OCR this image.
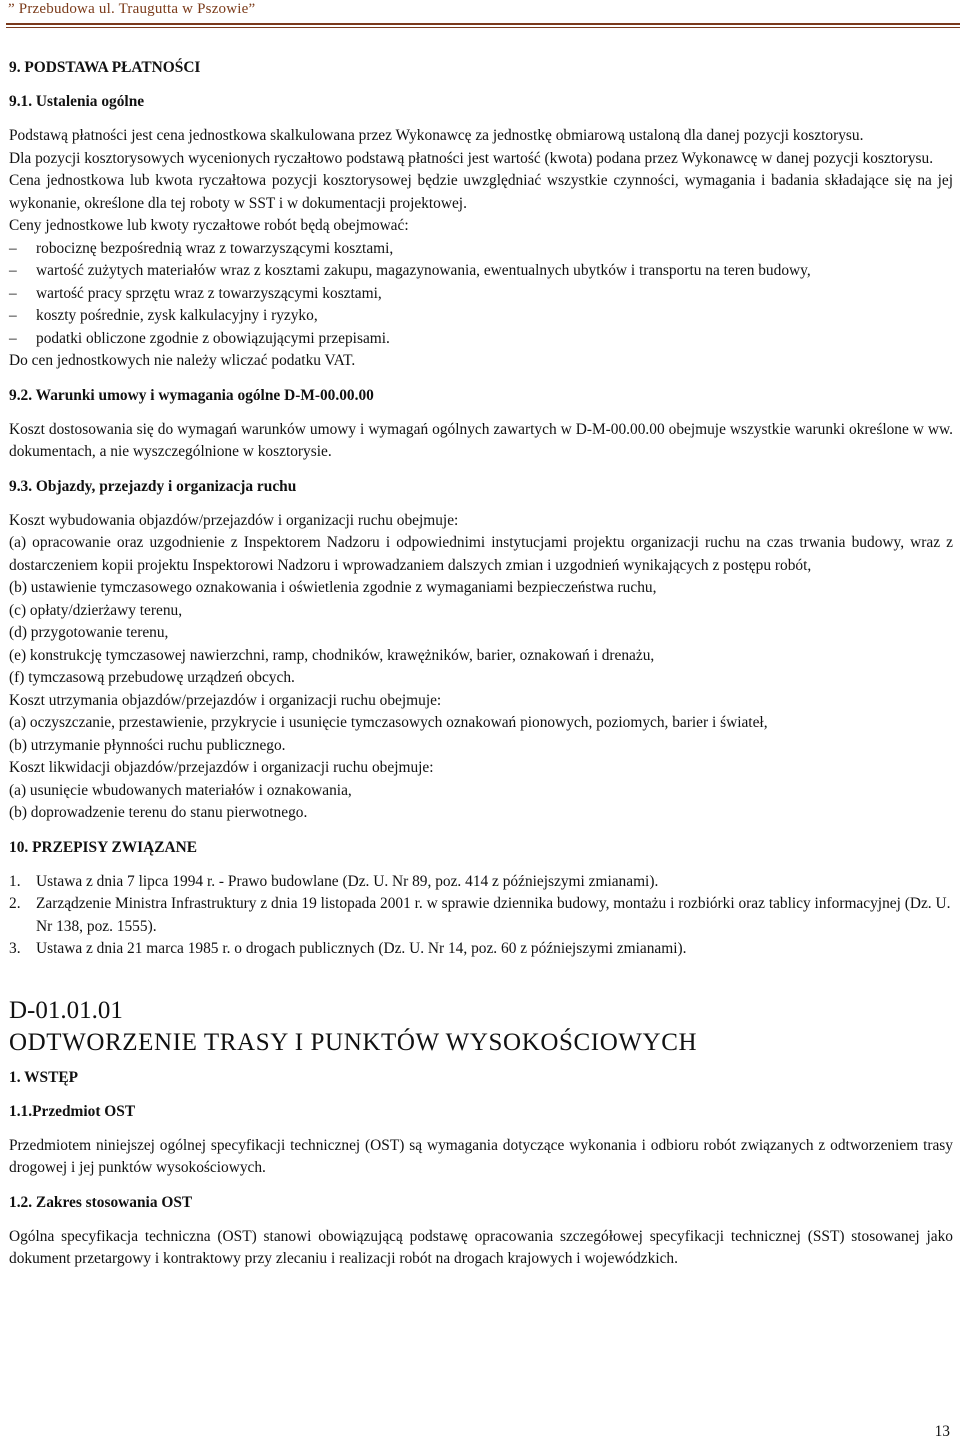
” Przebudowa ul. Traugutta w Pszowie”
9. PODSTAWA PŁATNOŚCI
9.1. Ustalenia ogólne

Podstawą płatności jest cena jednostkowa skalkulowana przez Wykonawcę za jednostkę obmiarową ustaloną dla danej pozycji kosztorysu.

Dla pozycji kosztorysowych wycenionych ryczałtowo podstawą płatności jest wartość (kwota) podana przez Wykonawcę w danej pozycji kosztorysu.

Cena jednostkowa lub kwota ryczałtowa pozycji kosztorysowej będzie uwzględniać wszystkie czynności, wymagania i badania składające się na jej wykonanie, określone dla tej roboty w SST i w dokumentacji projektowej.

Ceny jednostkowe lub kwoty ryczałtowe robót będą obejmować:

–	robociznę bezpośrednią wraz z towarzyszącymi kosztami,
–	wartość zużytych materiałów wraz z kosztami zakupu, magazynowania, ewentualnych ubytków i transportu na teren budowy,
–	wartość pracy sprzętu wraz z towarzyszącymi kosztami,
–	koszty pośrednie, zysk kalkulacyjny i ryzyko,
–	podatki obliczone zgodnie z obowiązującymi przepisami.

Do cen jednostkowych nie należy wliczać podatku VAT.

9.2. Warunki umowy i wymagania ogólne D-M-00.00.00

Koszt dostosowania się do wymagań warunków umowy i wymagań ogólnych zawartych w D-M-00.00.00 obejmuje wszystkie warunki określone w ww. dokumentach, a nie wyszczególnione w kosztorysie.

9.3. Objazdy, przejazdy i organizacja ruchu

Koszt wybudowania objazdów/przejazdów i organizacji ruchu obejmuje:

(a) opracowanie oraz uzgodnienie z Inspektorem Nadzoru i odpowiednimi instytucjami projektu organizacji ruchu na czas trwania budowy, wraz z dostarczeniem kopii projektu Inspektorowi Nadzoru i wprowadzaniem dalszych zmian i uzgodnień wynikających z postępu robót,

(b) ustawienie tymczasowego oznakowania i oświetlenia zgodnie z wymaganiami bezpieczeństwa ruchu,

(c) opłaty/dzierżawy terenu,

(d) przygotowanie terenu,

(e) konstrukcję tymczasowej nawierzchni, ramp, chodników, krawężników, barier, oznakowań i drenażu,

(f) tymczasową przebudowę urządzeń obcych.

Koszt utrzymania objazdów/przejazdów i organizacji ruchu obejmuje:

(a) oczyszczanie, przestawienie, przykrycie i usunięcie tymczasowych oznakowań pionowych, poziomych, barier i świateł,

(b) utrzymanie płynności ruchu publicznego.

Koszt likwidacji objazdów/przejazdów i organizacji ruchu obejmuje:

(a) usunięcie wbudowanych materiałów i oznakowania,

(b) doprowadzenie terenu do stanu pierwotnego.

10. PRZEPISY ZWIĄZANE
1.	Ustawa z dnia 7 lipca 1994 r. - Prawo budowlane (Dz. U. Nr 89, poz. 414 z późniejszymi zmianami).
2.	Zarządzenie Ministra Infrastruktury z dnia 19 listopada 2001 r. w sprawie dziennika budowy, montażu i rozbiórki oraz tablicy informacyjnej (Dz. U. Nr 138, poz. 1555).
3.	Ustawa z dnia 21 marca 1985 r. o drogach publicznych (Dz. U. Nr 14, poz. 60 z późniejszymi zmianami).
D-01.01.01
ODTWORZENIE TRASY I PUNKTÓW WYSOKOŚCIOWYCH
1. WSTĘP
1.1.Przedmiot OST

Przedmiotem niniejszej ogólnej specyfikacji technicznej (OST) są wymagania dotyczące wykonania i odbioru robót związanych z odtworzeniem trasy drogowej i jej punktów wysokościowych.

1.2. Zakres stosowania OST

Ogólna specyfikacja techniczna (OST) stanowi obowiązującą podstawę opracowania szczegółowej specyfikacji technicznej (SST) stosowanej jako dokument przetargowy i kontraktowy przy zlecaniu i realizacji robót na drogach krajowych i wojewódzkich.

13
